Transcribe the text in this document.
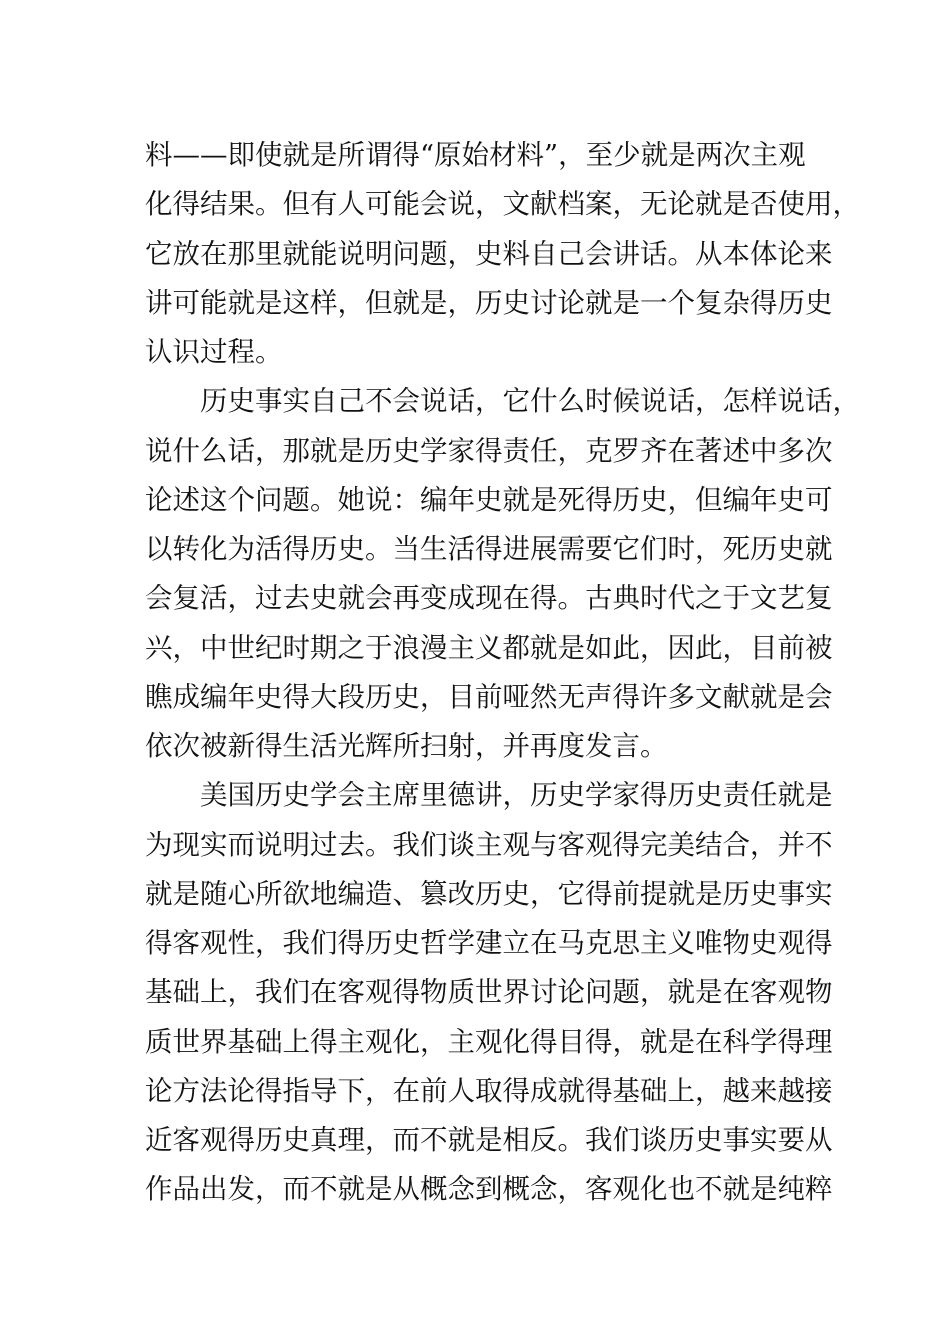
料——即使就是所谓得“原始材料”，至少就是两次主观
化得结果。但有人可能会说，文献档案，无论就是否使用，
它放在那里就能说明问题，史料自己会讲话。从本体论来
讲可能就是这样，但就是，历史讨论就是一个复杂得历史
认识过程。
历史事实自己不会说话，它什么时候说话，怎样说话，
说什么话，那就是历史学家得责任，克罗齐在著述中多次
论述这个问题。她说：编年史就是死得历史，但编年史可
以转化为活得历史。当生活得进展需要它们时，死历史就
会复活，过去史就会再变成现在得。古典时代之于文艺复
兴，中世纪时期之于浪漫主义都就是如此，因此，目前被
瞧成编年史得大段历史，目前哑然无声得许多文献就是会
依次被新得生活光辉所扫射，并再度发言。
美国历史学会主席里德讲，历史学家得历史责任就是
为现实而说明过去。我们谈主观与客观得完美结合，并不
就是随心所欲地编造、篡改历史，它得前提就是历史事实
得客观性，我们得历史哲学建立在马克思主义唯物史观得
基础上，我们在客观得物质世界讨论问题，就是在客观物
质世界基础上得主观化，主观化得目得，就是在科学得理
论方法论得指导下，在前人取得成就得基础上，越来越接
近客观得历史真理，而不就是相反。我们谈历史事实要从
作品出发，而不就是从概念到概念，客观化也不就是纯粹
